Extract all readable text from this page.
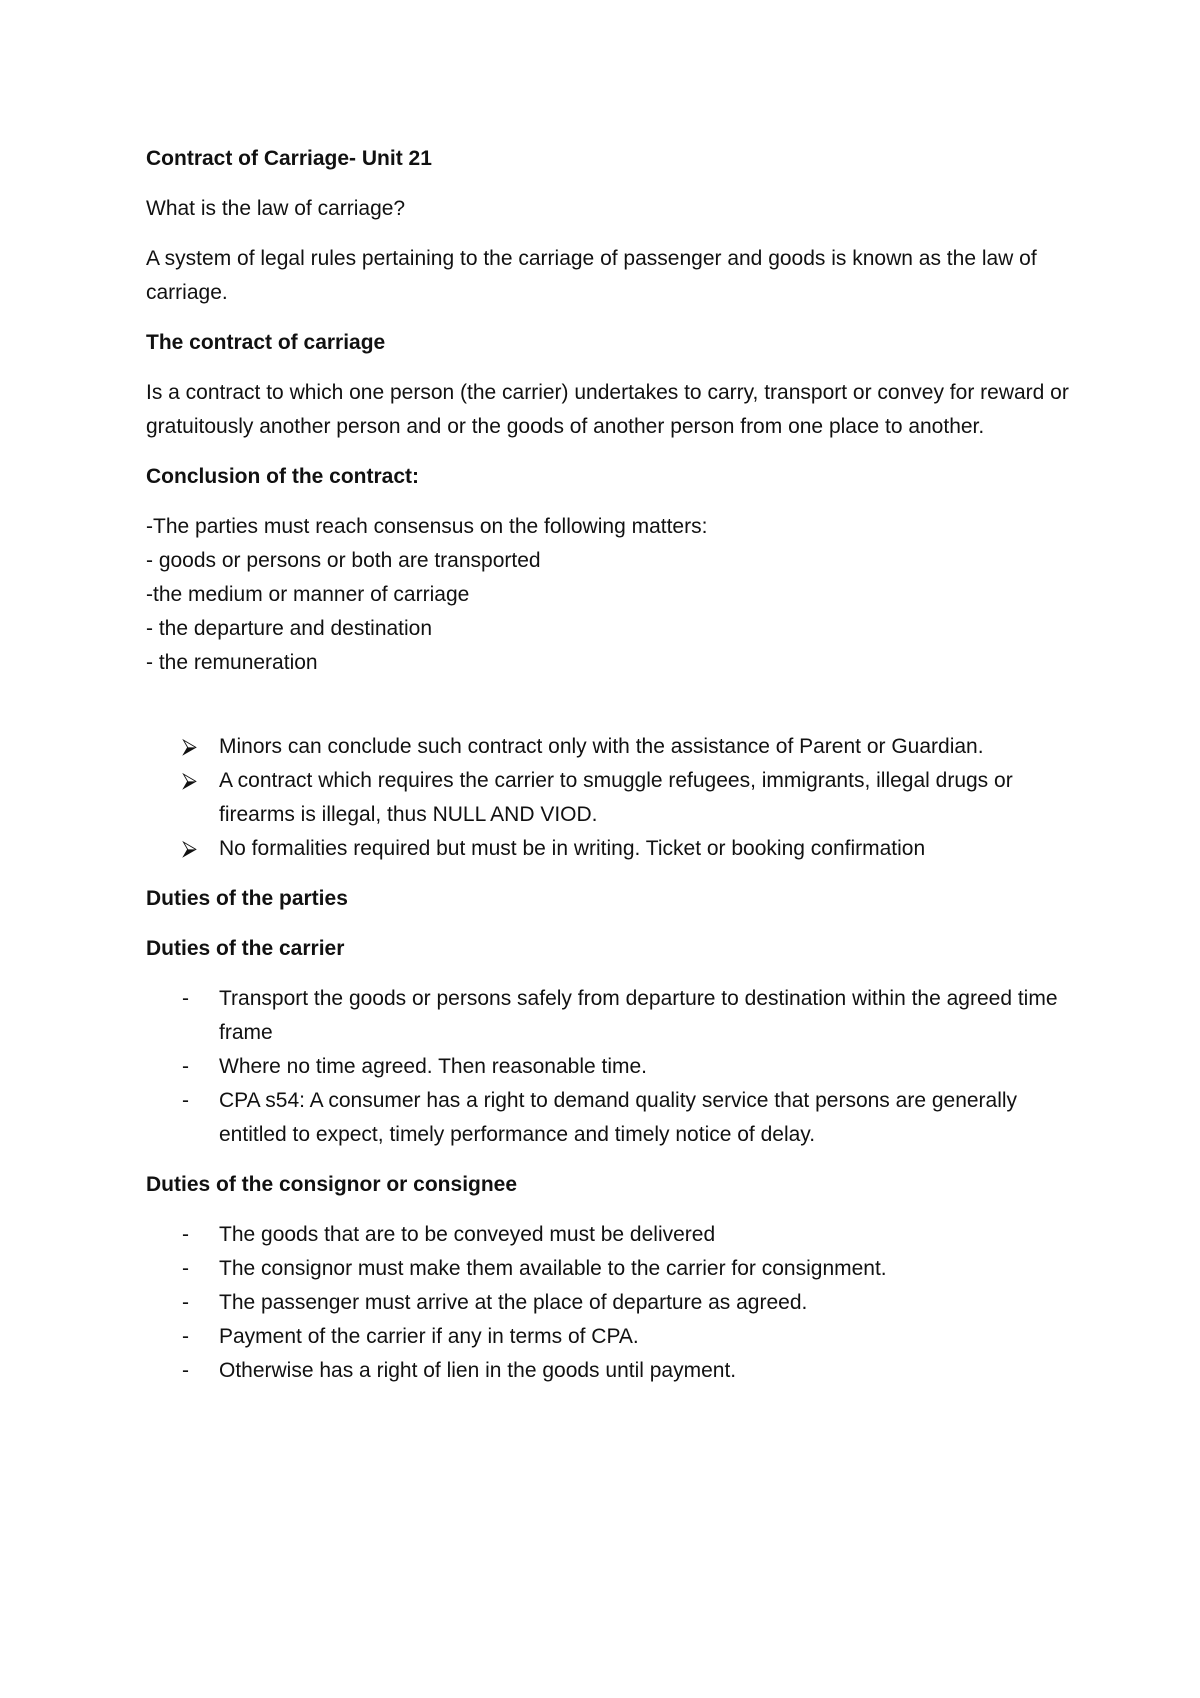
Contract of Carriage- Unit 21

What is the law of carriage?

A system of legal rules pertaining to the carriage of passenger and goods is known as the law of carriage.

The contract of carriage

Is a contract to which one person (the carrier) undertakes to carry, transport or convey for reward or gratuitously another person and or the goods of another person from one place to another.

Conclusion of the contract:

-The parties must reach consensus on the following matters:
- goods or persons or both are transported
-the medium or manner of carriage
- the departure and destination
- the remuneration
⮚	Minors can conclude such contract only with the assistance of Parent or Guardian.
⮚	A contract which requires the carrier to smuggle refugees, immigrants, illegal drugs or firearms is illegal, thus NULL AND VIOD.
⮚	No formalities required but must be in writing. Ticket or booking confirmation

Duties of the parties

Duties of the carrier

-	Transport the goods or persons safely from departure to destination within the agreed time frame
-	Where no time agreed. Then reasonable time.
-	CPA s54: A consumer has a right to demand quality service that persons are generally entitled to expect, timely performance and timely notice of delay.

Duties of the consignor or consignee

-	The goods that are to be conveyed must be delivered
-	The consignor must make them available to the carrier for consignment.
-	The passenger must arrive at the place of departure as agreed.
-	Payment of the carrier if any in terms of CPA.
-	Otherwise has a right of lien in the goods until payment.
